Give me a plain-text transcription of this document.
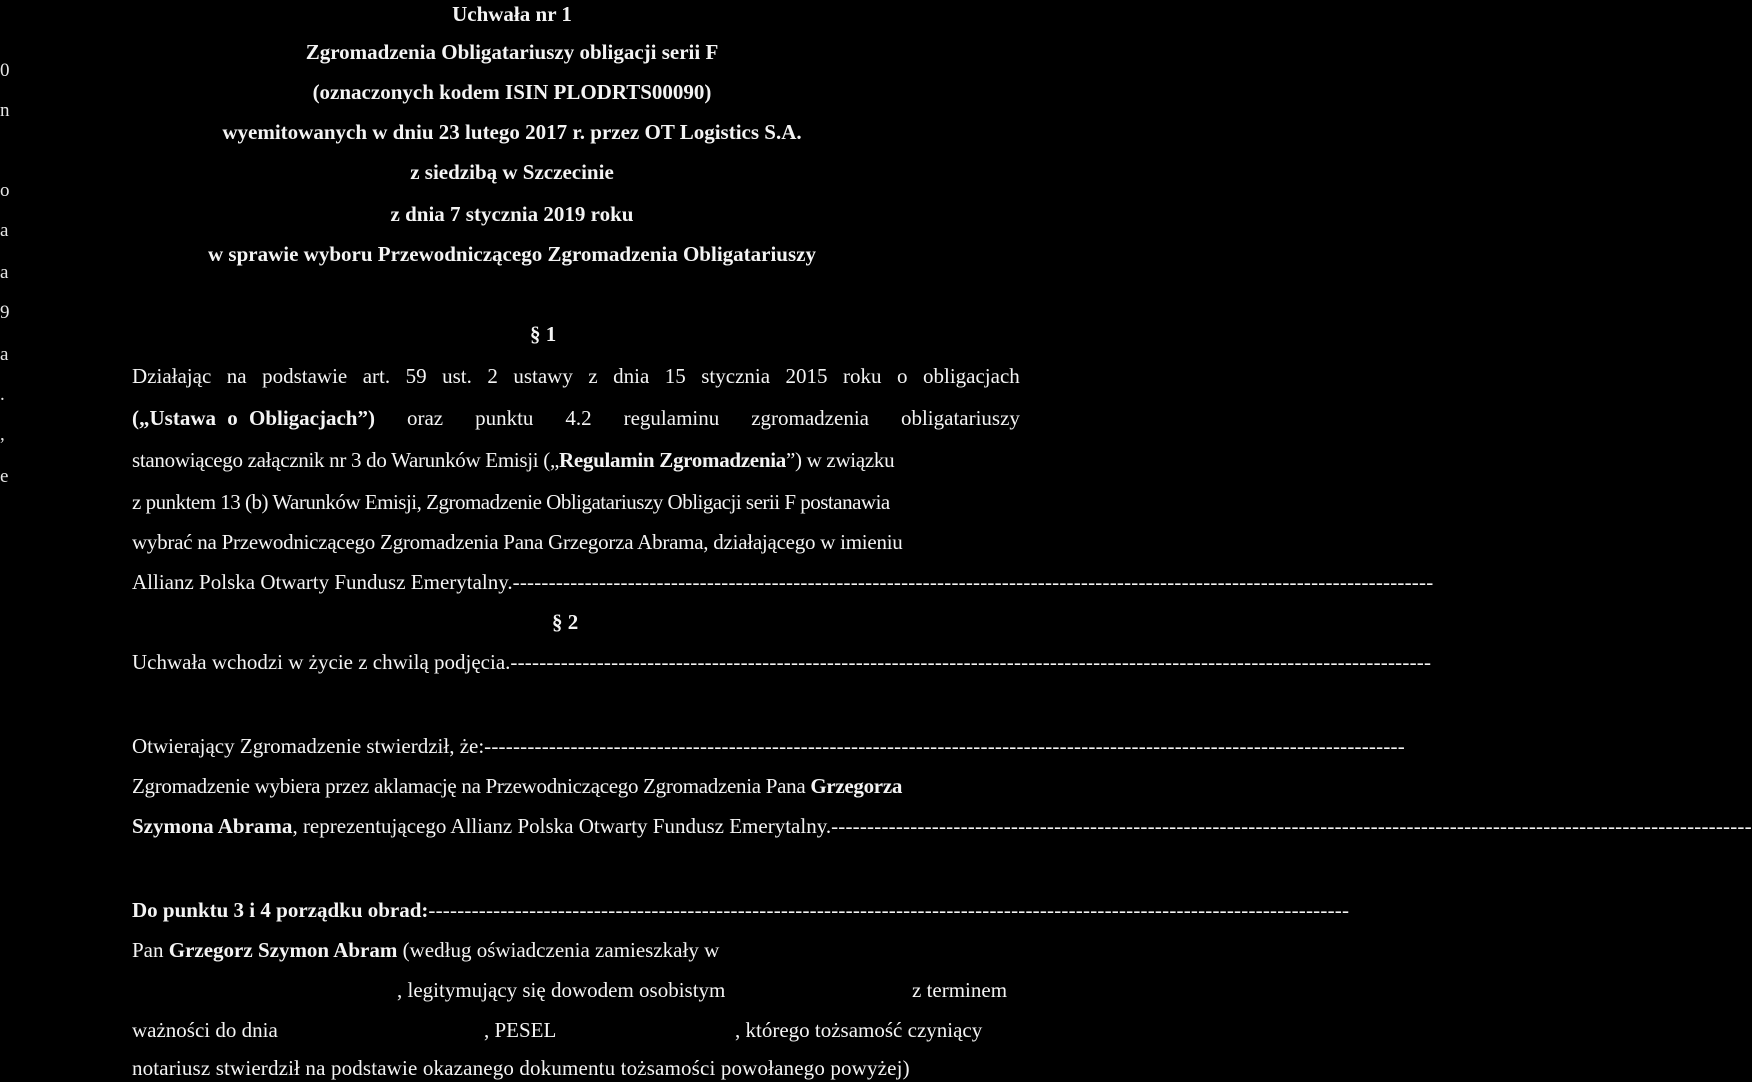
0
n
o
a
a
9
a
.
,
e
Uchwała nr 1
Zgromadzenia Obligatariuszy obligacji serii F
(oznaczonych kodem ISIN PLODRTS00090)
wyemitowanych w dniu 23 lutego 2017 r. przez OT Logistics S.A.
z siedzibą w Szczecinie
z dnia 7 stycznia 2019 roku
w sprawie wyboru Przewodniczącego Zgromadzenia Obligatariuszy
§ 1
Działając na podstawie art. 59 ust. 2 ustawy z dnia 15 stycznia 2015 roku o obligacjach
(„Ustawa o Obligacjach”) oraz punktu 4.2 regulaminu zgromadzenia obligatariuszy
stanowiącego załącznik nr 3 do Warunków Emisji („Regulamin Zgromadzenia”) w związku
z punktem 13 (b) Warunków Emisji, Zgromadzenie Obligatariuszy Obligacji serii F postanawia
wybrać na Przewodniczącego Zgromadzenia Pana Grzegorza Abrama, działającego w imieniu
Allianz Polska Otwarty Fundusz Emerytalny. --------------------------------------------------------------------------------------------------------------------------------
§ 2
Uchwała wchodzi w życie z chwilą podjęcia. --------------------------------------------------------------------------------------------------------------------------------
Otwierający Zgromadzenie stwierdził, że: --------------------------------------------------------------------------------------------------------------------------------
Zgromadzenie wybiera przez aklamację na Przewodniczącego Zgromadzenia Pana Grzegorza
Szymona Abrama , reprezentującego Allianz Polska Otwarty Fundusz Emerytalny. --------------------------------------------------------------------------------------------------------------------------------
Do punktu 3 i 4 porządku obrad: --------------------------------------------------------------------------------------------------------------------------------
Pan Grzegorz Szymon Abram (według oświadczenia zamieszkały w
, legitymujący się dowodem osobistym	z terminem
ważności do dnia	, PESEL	, którego tożsamość czyniący
notariusz stwierdził na podstawie okazanego dokumentu tożsamości powołanego powyżej)
